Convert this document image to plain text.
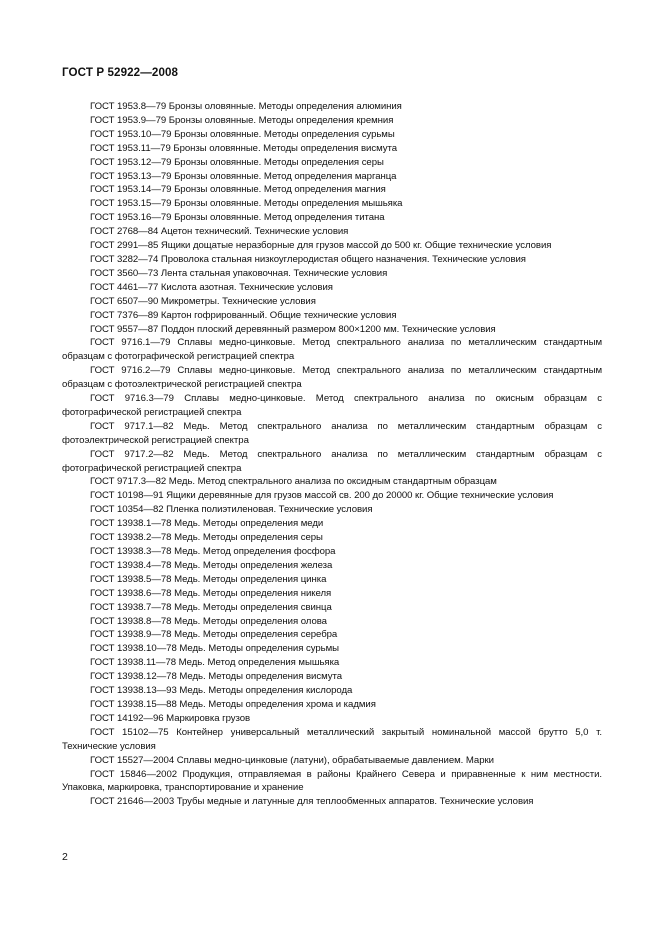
ГОСТ Р 52922—2008

ГОСТ 1953.8—79 Бронзы оловянные. Методы определения алюминия

ГОСТ 1953.9—79 Бронзы оловянные. Методы определения кремния

ГОСТ 1953.10—79 Бронзы оловянные. Методы определения сурьмы

ГОСТ 1953.11—79 Бронзы оловянные. Методы определения висмута

ГОСТ 1953.12—79 Бронзы оловянные. Методы определения серы

ГОСТ 1953.13—79 Бронзы оловянные. Метод определения марганца

ГОСТ 1953.14—79 Бронзы оловянные. Метод определения магния

ГОСТ 1953.15—79 Бронзы оловянные. Методы определения мышьяка

ГОСТ 1953.16—79 Бронзы оловянные. Метод определения титана

ГОСТ 2768—84 Ацетон технический. Технические условия

ГОСТ 2991—85 Ящики дощатые неразборные для грузов массой до 500 кг. Общие технические условия

ГОСТ 3282—74 Проволока стальная низкоуглеродистая общего назначения. Технические условия

ГОСТ 3560—73 Лента стальная упаковочная. Технические условия

ГОСТ 4461—77 Кислота азотная. Технические условия

ГОСТ 6507—90 Микрометры. Технические условия

ГОСТ 7376—89 Картон гофрированный. Общие технические условия

ГОСТ 9557—87 Поддон плоский деревянный размером 800×1200 мм. Технические условия

ГОСТ 9716.1—79 Сплавы медно-цинковые. Метод спектрального анализа по металлическим стандартным образцам с фотографической регистрацией спектра

ГОСТ 9716.2—79 Сплавы медно-цинковые. Метод спектрального анализа по металлическим стандартным образцам с фотоэлектрической регистрацией спектра

ГОСТ 9716.3—79 Сплавы медно-цинковые. Метод спектрального анализа по окисным образцам с фотографической регистрацией спектра

ГОСТ 9717.1—82 Медь. Метод спектрального анализа по металлическим стандартным образцам с фотоэлектрической регистрацией спектра

ГОСТ 9717.2—82 Медь. Метод спектрального анализа по металлическим стандартным образцам с фотографической регистрацией спектра

ГОСТ 9717.3—82 Медь. Метод спектрального анализа по оксидным стандартным образцам

ГОСТ 10198—91 Ящики деревянные для грузов массой св. 200 до 20000 кг. Общие технические условия

ГОСТ 10354—82 Пленка полиэтиленовая. Технические условия

ГОСТ 13938.1—78 Медь. Методы определения меди

ГОСТ 13938.2—78 Медь. Методы определения серы

ГОСТ 13938.3—78 Медь. Метод определения фосфора

ГОСТ 13938.4—78 Медь. Методы определения железа

ГОСТ 13938.5—78 Медь. Методы определения цинка

ГОСТ 13938.6—78 Медь. Методы определения никеля

ГОСТ 13938.7—78 Медь. Методы определения свинца

ГОСТ 13938.8—78 Медь. Методы определения олова

ГОСТ 13938.9—78 Медь. Методы определения серебра

ГОСТ 13938.10—78 Медь. Методы определения сурьмы

ГОСТ 13938.11—78 Медь. Метод определения мышьяка

ГОСТ 13938.12—78 Медь. Методы определения висмута

ГОСТ 13938.13—93 Медь. Методы определения кислорода

ГОСТ 13938.15—88 Медь. Методы определения хрома и кадмия

ГОСТ 14192—96 Маркировка грузов

ГОСТ 15102—75 Контейнер универсальный металлический закрытый номинальной массой брутто 5,0 т. Технические условия

ГОСТ 15527—2004 Сплавы медно-цинковые (латуни), обрабатываемые давлением. Марки

ГОСТ 15846—2002 Продукция, отправляемая в районы Крайнего Севера и приравненные к ним местности. Упаковка, маркировка, транспортирование и хранение

ГОСТ 21646—2003 Трубы медные и латунные для теплообменных аппаратов. Технические условия

2
